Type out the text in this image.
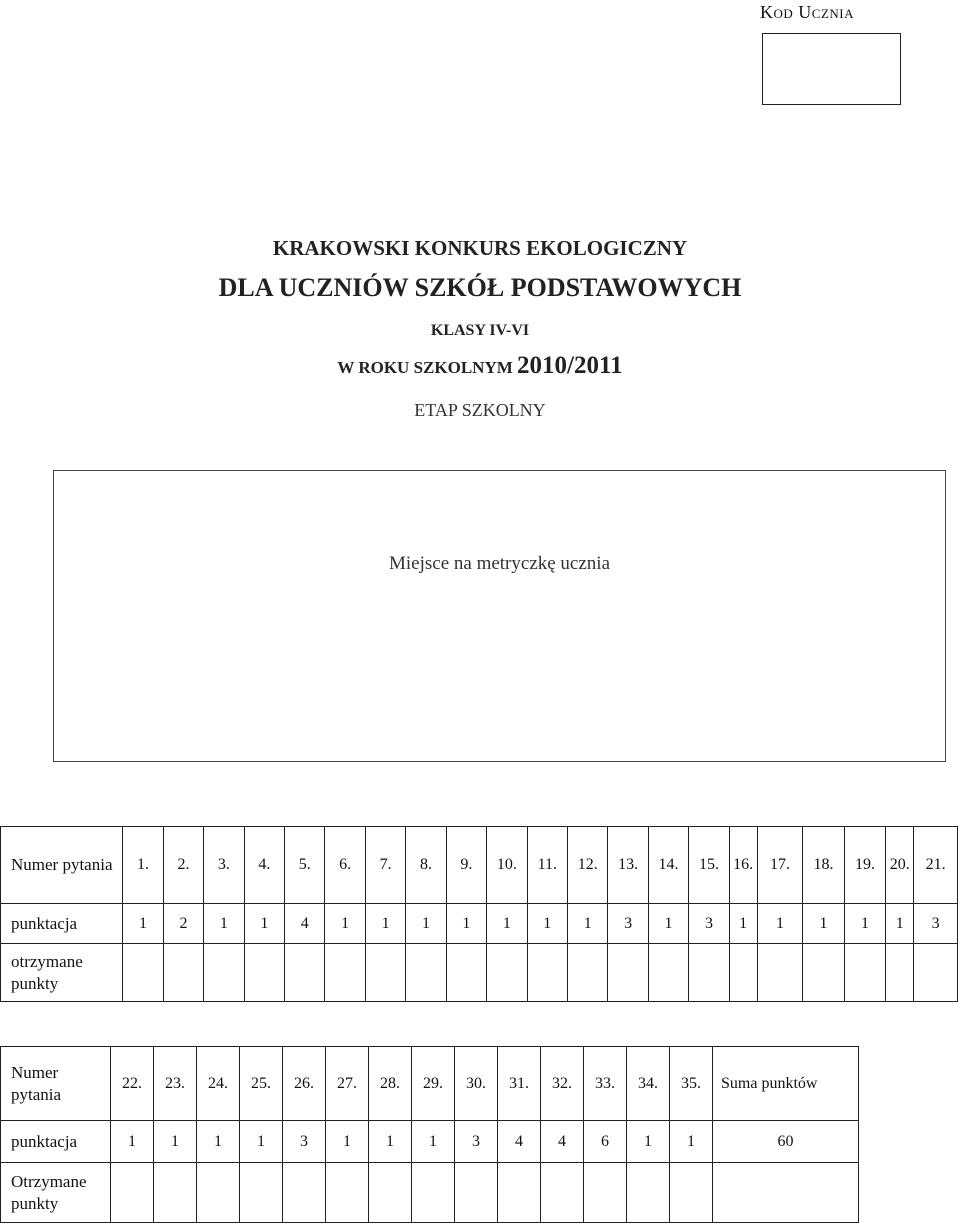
Kod Ucznia
KRAKOWSKI KONKURS EKOLOGICZNY
DLA UCZNIÓW SZKÓŁ PODSTAWOWYCH
KLASY IV-VI
W ROKU SZKOLNYM 2010/2011
ETAP SZKOLNY
Miejsce na metryczkę ucznia
Numer pytania	1.	2.	3.	4.	5.	6.	7.	8.	9.	10.	11.	12.	13.	14.	15.	16.	17.	18.	19.	20.	21.
punktacja	1	2	1	1	4	1	1	1	1	1	1	1	3	1	3	1	1	1	1	1	3
otrzymane punkty																					
Numer pytania	22.	23.	24.	25.	26.	27.	28.	29.	30.	31.	32.	33.	34.	35.	Suma punktów
punktacja	1	1	1	1	3	1	1	1	3	4	4	6	1	1	60
Otrzymane punkty															
